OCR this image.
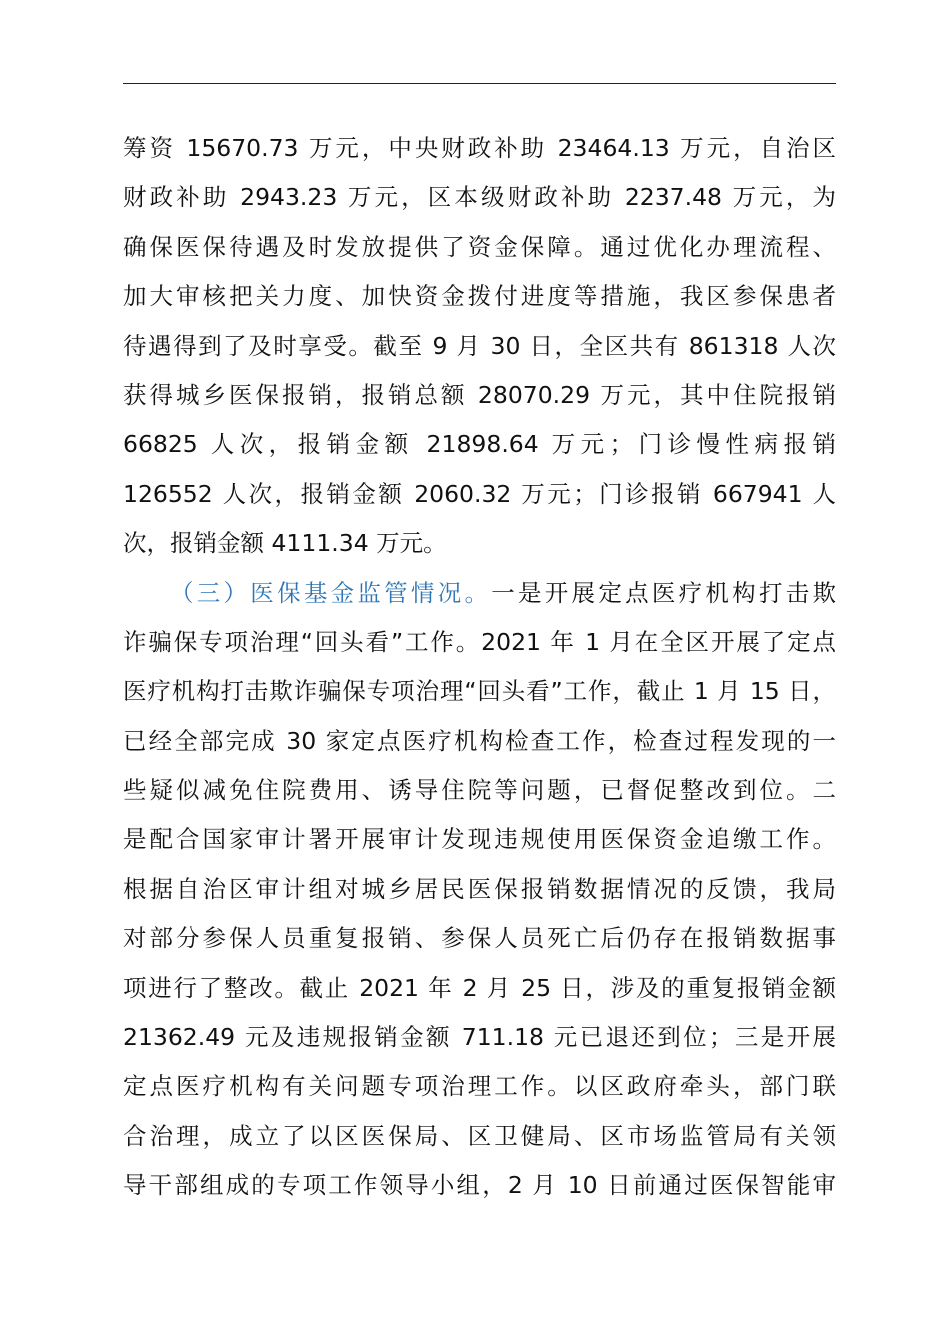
筹资 15670.73 万元，中央财政补助 23464.13 万元，自治区
财政补助 2943.23 万元，区本级财政补助 2237.48 万元，为
确保医保待遇及时发放提供了资金保障。通过优化办理流程、
加大审核把关力度、加快资金拨付进度等措施，我区参保患者
待遇得到了及时享受。截至 9 月 30 日，全区共有 861318 人次
获得城乡医保报销，报销总额 28070.29 万元，其中住院报销
66825 人次，报销金额 21898.64 万元；门诊慢性病报销
126552 人次，报销金额 2060.32 万元；门诊报销 667941 人
次，报销金额 4111.34 万元。
（三）医保基金监管情况。一是开展定点医疗机构打击欺
诈骗保专项治理“回头看”工作。2021 年 1 月在全区开展了定点
医疗机构打击欺诈骗保专项治理“回头看”工作，截止 1 月 15 日，
已经全部完成 30 家定点医疗机构检查工作，检查过程发现的一
些疑似减免住院费用、诱导住院等问题，已督促整改到位。二
是配合国家审计署开展审计发现违规使用医保资金追缴工作。
根据自治区审计组对城乡居民医保报销数据情况的反馈，我局
对部分参保人员重复报销、参保人员死亡后仍存在报销数据事
项进行了整改。截止 2021 年 2 月 25 日，涉及的重复报销金额
21362.49 元及违规报销金额 711.18 元已退还到位；三是开展
定点医疗机构有关问题专项治理工作。以区政府牵头，部门联
合治理，成立了以区医保局、区卫健局、区市场监管局有关领
导干部组成的专项工作领导小组，2 月 10 日前通过医保智能审
